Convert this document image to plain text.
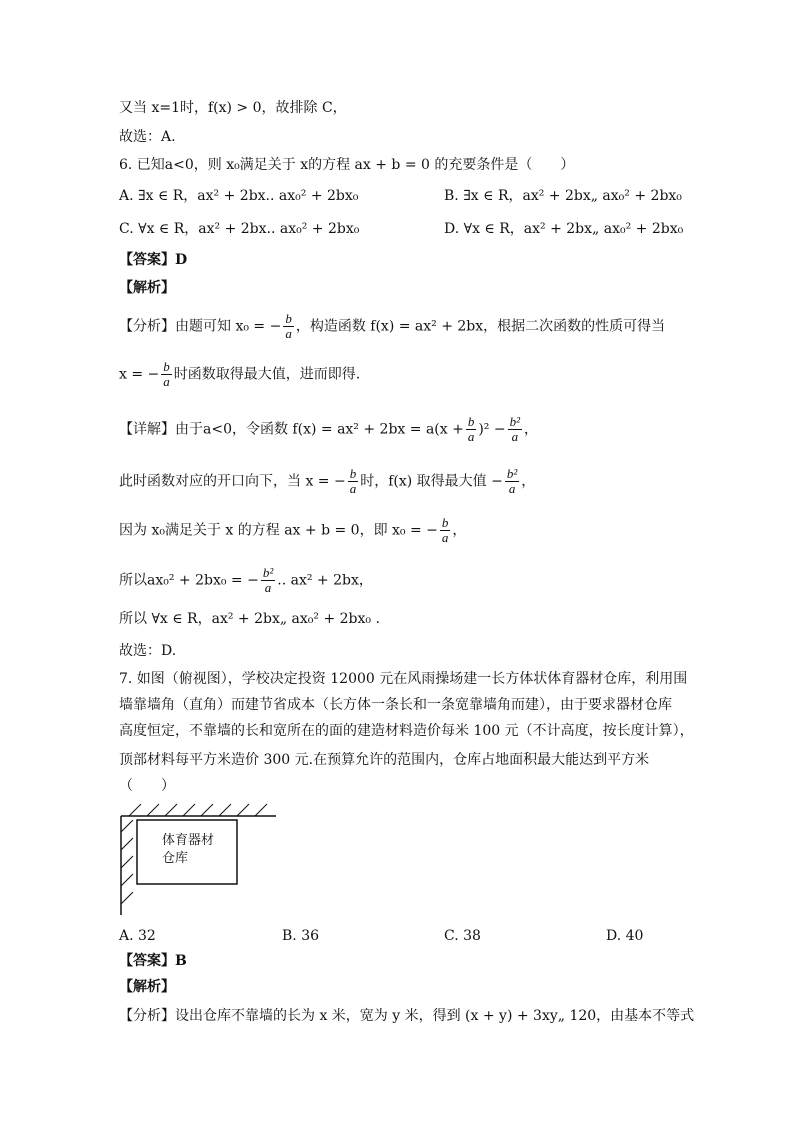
又当 x=1时，f(x) > 0，故排除 C，
故选：A.
6. 已知a<0，则 x₀满足关于 x的方程 ax + b = 0 的充要条件是（　　）
A. ∃x ∈ R，ax² + 2bx.. ax₀² + 2bx₀	B. ∃x ∈ R，ax² + 2bx„ ax₀² + 2bx₀
C. ∀x ∈ R，ax² + 2bx.. ax₀² + 2bx₀	D. ∀x ∈ R，ax² + 2bx„ ax₀² + 2bx₀
【答案】D
【解析】
【分析】由题可知 x₀ = − $\frac{b}{a}$ ，构造函数 f(x) = ax² + 2bx，根据二次函数的性质可得当
x = − $\frac{b}{a}$ 时函数取得最大值，进而即得.
【详解】由于a<0，令函数 $f(x) = ax^2 + 2bx = a(x + \frac{b}{a} )^2 - \frac{\text{b²}}{a}$ ，
此时函数对应的开口向下，当 x = − $\frac{b}{a}$ 时，f(x) 取得最大值 − $\frac{\text{b²}}{a}$ ，
因为 x₀满足关于 x 的方程 ax + b = 0，即 x₀ = − $\frac{b}{a}$ ，
所以ax₀² + 2bx₀ = − $\frac{\text{b²}}{a}$ .. ax² + 2bx，
所以 ∀x ∈ R，ax² + 2bx„ ax₀² + 2bx₀ .
故选：D.
7. 如图（俯视图），学校决定投资 12000 元在风雨操场建一长方体状体育器材仓库，利用围
墙靠墙角（直角）而建节省成本（长方体一条长和一条宽靠墙角而建），由于要求器材仓库
高度恒定，不靠墙的长和宽所在的面的建造材料造价每米 100 元（不计高度，按长度计算），
顶部材料每平方米造价 300 元.在预算允许的范围内，仓库占地面积最大能达到平方米
（　　）
体育器材
仓库
A. 32	B. 36	C. 38	D. 40
【答案】B
【解析】
【分析】设出仓库不靠墙的长为 x 米，宽为 y 米，得到 (x + y) + 3xy„ 120，由基本不等式
